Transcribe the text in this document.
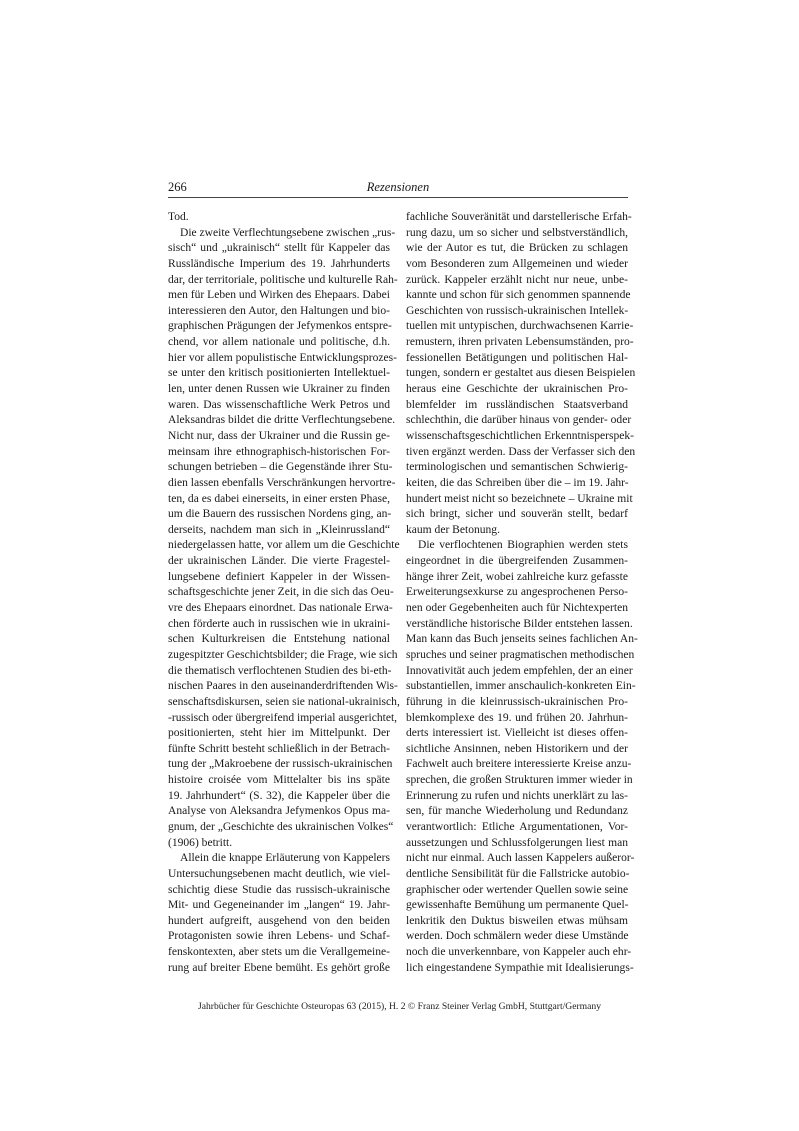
266	Rezensionen
Tod.
Die zweite Verflechtungsebene zwischen „rus-
sisch“ und „ukrainisch“ stellt für Kappeler das
Russländische Imperium des 19. Jahrhunderts
dar, der territoriale, politische und kulturelle Rah-
men für Leben und Wirken des Ehepaars. Dabei
interessieren den Autor, den Haltungen und bio-
graphischen Prägungen der Jefymenkos entspre-
chend, vor allem nationale und politische, d.h.
hier vor allem populistische Entwicklungsprozes-
se unter den kritisch positionierten Intellektuel-
len, unter denen Russen wie Ukrainer zu finden
waren. Das wissenschaftliche Werk Petros und
Aleksandras bildet die dritte Verflechtungsebene.
Nicht nur, dass der Ukrainer und die Russin ge-
meinsam ihre ethnographisch-historischen For-
schungen betrieben – die Gegenstände ihrer Stu-
dien lassen ebenfalls Verschränkungen hervortre-
ten, da es dabei einerseits, in einer ersten Phase,
um die Bauern des russischen Nordens ging, an-
derseits, nachdem man sich in „Kleinrussland“
niedergelassen hatte, vor allem um die Geschichte
der ukrainischen Länder. Die vierte Fragestel-
lungsebene definiert Kappeler in der Wissen-
schaftsgeschichte jener Zeit, in die sich das Oeu-
vre des Ehepaars einordnet. Das nationale Erwa-
chen förderte auch in russischen wie in ukraini-
schen Kulturkreisen die Entstehung national
zugespitzter Geschichtsbilder; die Frage, wie sich
die thematisch verflochtenen Studien des bi-eth-
nischen Paares in den auseinanderdriftenden Wis-
senschaftsdiskursen, seien sie national-ukrainisch,
-russisch oder übergreifend imperial ausgerichtet,
positionierten, steht hier im Mittelpunkt. Der
fünfte Schritt besteht schließlich in der Betrach-
tung der „Makroebene der russisch-ukrainischen
histoire croisée vom Mittelalter bis ins späte
19. Jahrhundert“ (S. 32), die Kappeler über die
Analyse von Aleksandra Jefymenkos Opus ma-
gnum, der „Geschichte des ukrainischen Volkes“
(1906) betritt.
Allein die knappe Erläuterung von Kappelers
Untersuchungsebenen macht deutlich, wie viel-
schichtig diese Studie das russisch-ukrainische
Mit- und Gegeneinander im „langen“ 19. Jahr-
hundert aufgreift, ausgehend von den beiden
Protagonisten sowie ihren Lebens- und Schaf-
fenskontexten, aber stets um die Verallgemeine-
rung auf breiter Ebene bemüht. Es gehört große
fachliche Souveränität und darstellerische Erfah-
rung dazu, um so sicher und selbstverständlich,
wie der Autor es tut, die Brücken zu schlagen
vom Besonderen zum Allgemeinen und wieder
zurück. Kappeler erzählt nicht nur neue, unbe-
kannte und schon für sich genommen spannende
Geschichten von russisch-ukrainischen Intellek-
tuellen mit untypischen, durchwachsenen Karrie-
remustern, ihren privaten Lebensumständen, pro-
fessionellen Betätigungen und politischen Hal-
tungen, sondern er gestaltet aus diesen Beispielen
heraus eine Geschichte der ukrainischen Pro-
blemfelder im russländischen Staatsverband
schlechthin, die darüber hinaus von gender- oder
wissenschaftsgeschichtlichen Erkenntnisperspek-
tiven ergänzt werden. Dass der Verfasser sich den
terminologischen und semantischen Schwierig-
keiten, die das Schreiben über die – im 19. Jahr-
hundert meist nicht so bezeichnete – Ukraine mit
sich bringt, sicher und souverän stellt, bedarf
kaum der Betonung.
Die verflochtenen Biographien werden stets
eingeordnet in die übergreifenden Zusammen-
hänge ihrer Zeit, wobei zahlreiche kurz gefasste
Erweiterungsexkurse zu angesprochenen Perso-
nen oder Gegebenheiten auch für Nichtexperten
verständliche historische Bilder entstehen lassen.
Man kann das Buch jenseits seines fachlichen An-
spruches und seiner pragmatischen methodischen
Innovativität auch jedem empfehlen, der an einer
substantiellen, immer anschaulich-konkreten Ein-
führung in die kleinrussisch-ukrainischen Pro-
blemkomplexe des 19. und frühen 20. Jahrhun-
derts interessiert ist. Vielleicht ist dieses offen-
sichtliche Ansinnen, neben Historikern und der
Fachwelt auch breitere interessierte Kreise anzu-
sprechen, die großen Strukturen immer wieder in
Erinnerung zu rufen und nichts unerklärt zu las-
sen, für manche Wiederholung und Redundanz
verantwortlich: Etliche Argumentationen, Vor-
aussetzungen und Schlussfolgerungen liest man
nicht nur einmal. Auch lassen Kappelers außeror-
dentliche Sensibilität für die Fallstricke autobio-
graphischer oder wertender Quellen sowie seine
gewissenhafte Bemühung um permanente Quel-
lenkritik den Duktus bisweilen etwas mühsam
werden. Doch schmälern weder diese Umstände
noch die unverkennbare, von Kappeler auch ehr-
lich eingestandene Sympathie mit Idealisierungs-
Jahrbücher für Geschichte Osteuropas 63 (2015), H. 2 © Franz Steiner Verlag GmbH, Stuttgart/Germany
